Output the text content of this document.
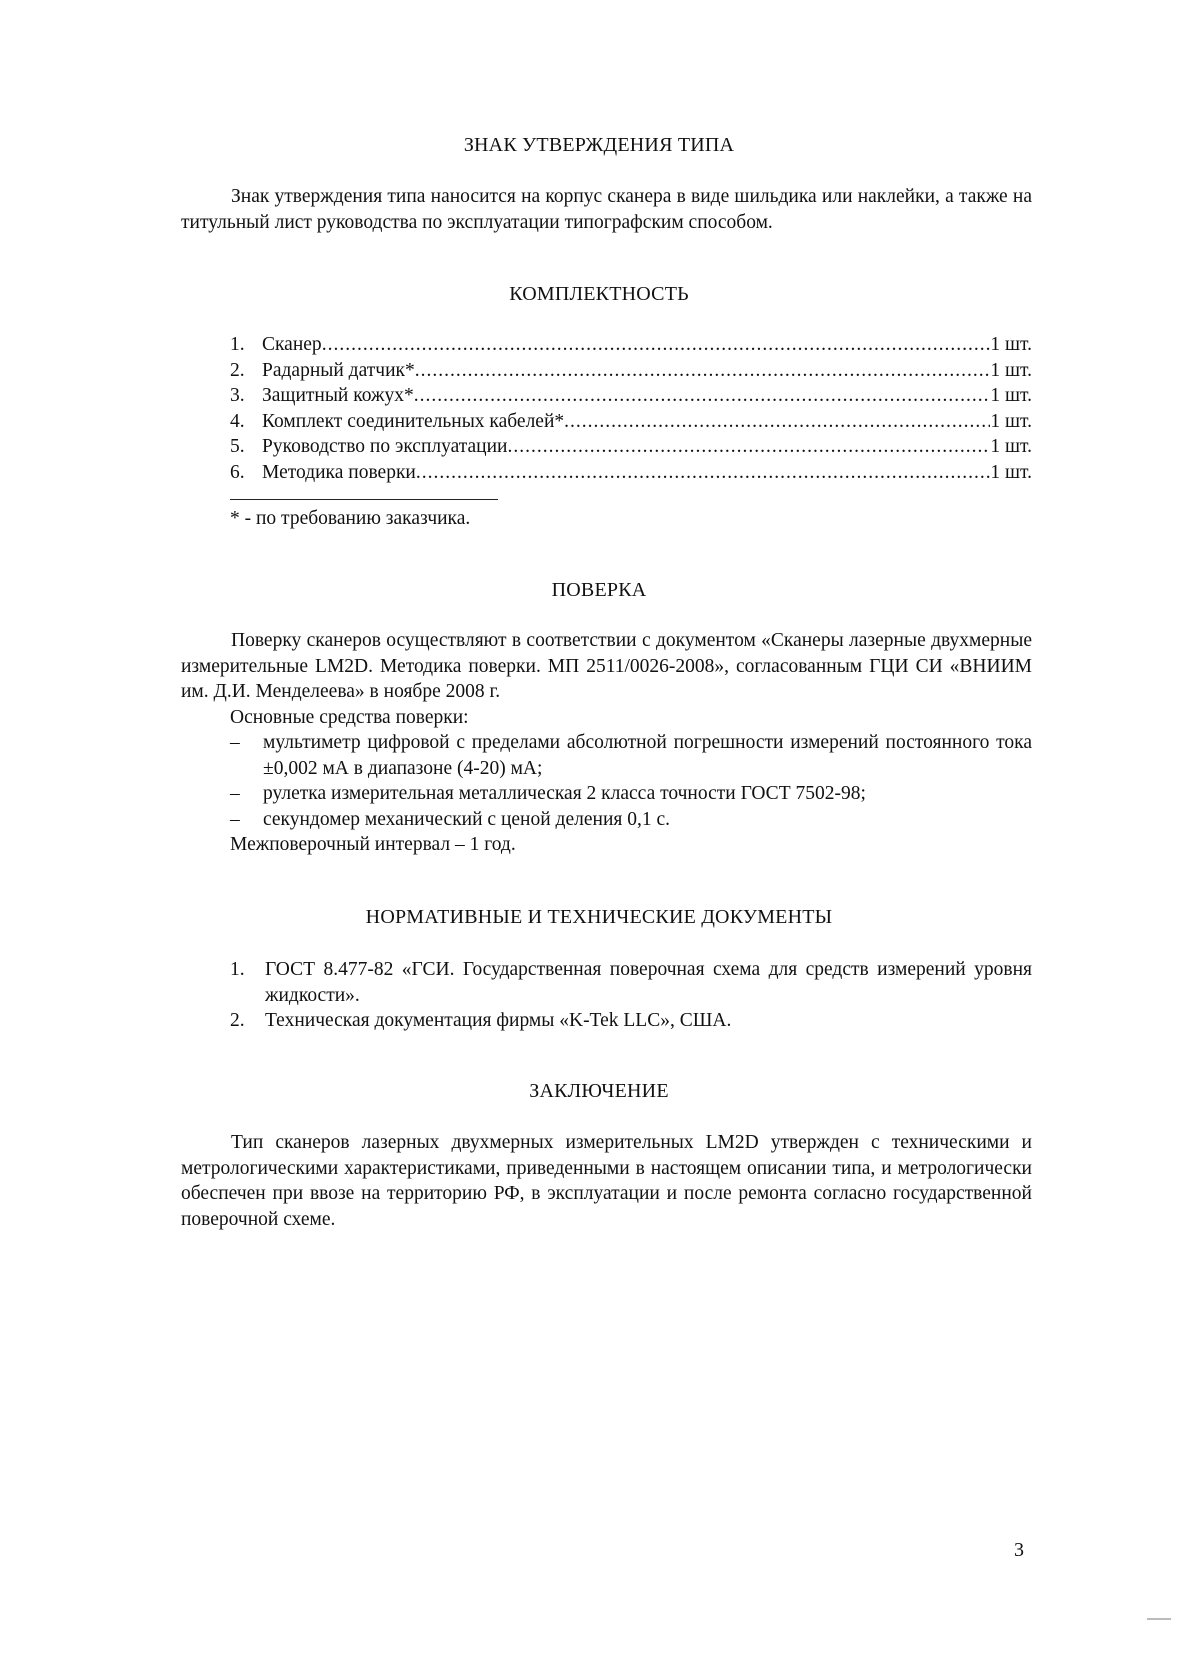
ЗНАК УТВЕРЖДЕНИЯ ТИПА
Знак утверждения типа наносится на корпус сканера в виде шильдика или наклейки, а также на титульный лист руководства по эксплуатации типографским способом.
КОМПЛЕКТНОСТЬ
1. Сканер .....	1 шт.
2. Радарный датчик* .....	1 шт.
3. Защитный кожух* .....	1 шт.
4. Комплект соединительных кабелей* .....	1 шт.
5. Руководство по эксплуатации .....	1 шт.
6. Методика поверки .....	1 шт.
* - по требованию заказчика.
ПОВЕРКА
Поверку сканеров осуществляют в соответствии с документом «Сканеры лазерные двухмерные измерительные LM2D. Методика поверки. МП 2511/0026-2008», согласованным ГЦИ СИ «ВНИИМ им. Д.И. Менделеева» в ноябре 2008 г.
Основные средства поверки:
– мультиметр цифровой с пределами абсолютной погрешности измерений постоянного тока ±0,002 мА в диапазоне (4-20) мА;
– рулетка измерительная металлическая 2 класса точности ГОСТ 7502-98;
– секундомер механический с ценой деления 0,1 с.
Межповерочный интервал – 1 год.
НОРМАТИВНЫЕ И ТЕХНИЧЕСКИЕ ДОКУМЕНТЫ
1. ГОСТ 8.477-82 «ГСИ. Государственная поверочная схема для средств измерений уровня жидкости».
2. Техническая документация фирмы «K-Tek LLC», США.
ЗАКЛЮЧЕНИЕ
Тип сканеров лазерных двухмерных измерительных LM2D утвержден с техническими и метрологическими характеристиками, приведенными в настоящем описании типа, и метрологически обеспечен при ввозе на территорию РФ, в эксплуатации и после ремонта согласно государственной поверочной схеме.
3
